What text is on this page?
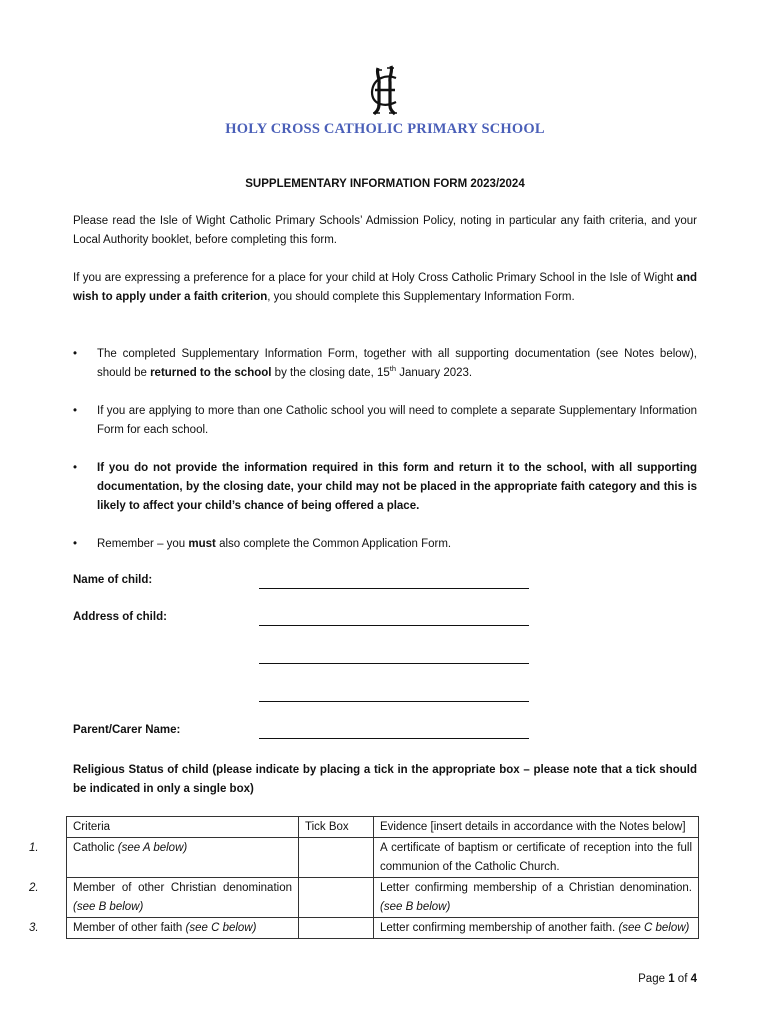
HOLY CROSS CATHOLIC PRIMARY SCHOOL
SUPPLEMENTARY INFORMATION FORM 2023/2024
Please read the Isle of Wight Catholic Primary Schools’ Admission Policy, noting in particular any faith criteria, and your Local Authority booklet, before completing this form.
If you are expressing a preference for a place for your child at Holy Cross Catholic Primary School in the Isle of Wight and wish to apply under a faith criterion, you should complete this Supplementary Information Form.
• The completed Supplementary Information Form, together with all supporting documentation (see Notes below), should be returned to the school by the closing date, 15th January 2023.
• If you are applying to more than one Catholic school you will need to complete a separate Supplementary Information Form for each school.
• If you do not provide the information required in this form and return it to the school, with all supporting documentation, by the closing date, your child may not be placed in the appropriate faith category and this is likely to affect your child’s chance of being offered a place.
• Remember – you must also complete the Common Application Form.
Name of child:
Address of child:
Parent/Carer Name:
Religious Status of child (please indicate by placing a tick in the appropriate box – please note that a tick should be indicated in only a single box)
Criteria	Tick Box	Evidence [insert details in accordance with the Notes below]
1. Catholic (see A below)		A certificate of baptism or certificate of reception into the full communion of the Catholic Church.
2. Member of other Christian denomination (see B below)		Letter confirming membership of a Christian denomination. (see B below)
3. Member of other faith (see C below)		Letter confirming membership of another faith. (see C below)
Page 1 of 4
